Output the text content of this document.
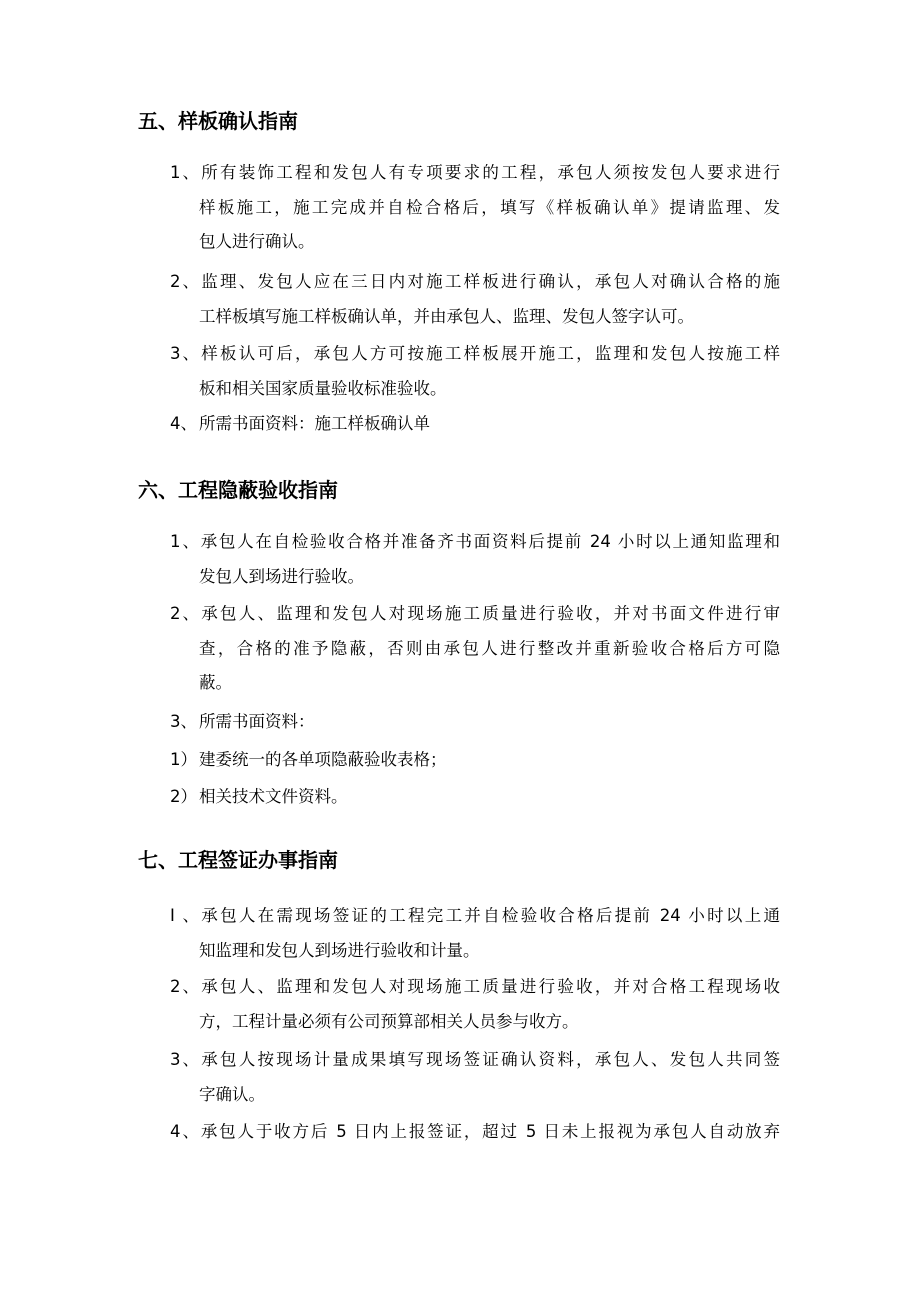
五、样板确认指南
1、所有装饰工程和发包人有专项要求的工程，承包人须按发包人要求进行
样板施工，施工完成并自检合格后，填写《样板确认单》提请监理、发
包人进行确认。
2、监理、发包人应在三日内对施工样板进行确认，承包人对确认合格的施
工样板填写施工样板确认单，并由承包人、监理、发包人签字认可。
3、样板认可后，承包人方可按施工样板展开施工，监理和发包人按施工样
板和相关国家质量验收标准验收。
4、 所需书面资料：施工样板确认单
六、工程隐蔽验收指南
1、承包人在自检验收合格并准备齐书面资料后提前 24 小时以上通知监理和
发包人到场进行验收。
2、承包人、监理和发包人对现场施工质量进行验收，并对书面文件进行审
查，合格的准予隐蔽，否则由承包人进行整改并重新验收合格后方可隐
蔽。
3、 所需书面资料：
1） 建委统一的各单项隐蔽验收表格；
2） 相关技术文件资料。
七、工程签证办事指南
I、承包人在需现场签证的工程完工并自检验收合格后提前 24 小时以上通
知监理和发包人到场进行验收和计量。
2、承包人、监理和发包人对现场施工质量进行验收，并对合格工程现场收
方，工程计量必须有公司预算部相关人员参与收方。
3、承包人按现场计量成果填写现场签证确认资料，承包人、发包人共同签
字确认。
4、承包人于收方后 5 日内上报签证，超过 5 日未上报视为承包人自动放弃
